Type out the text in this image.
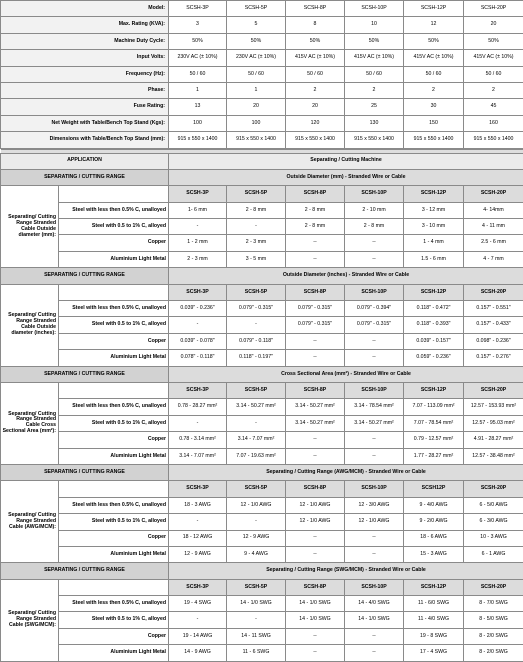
Model:	SCSH-3P	SCSH-5P	SCSH-8P	SCSH-10P	SCSH-12P	SCSH-20P
Max. Rating (KVA):	3	5	8	10	12	20
Machine Duty Cycle:	50%	50%	50%	50%	50%	50%
Input Volts:	230V AC (± 10%)	230V AC (± 10%)	415V AC (± 10%)	415V AC (± 10%)	415V AC (± 10%)	415V AC (± 10%)
Frequency (Hz):	50 / 60	50 / 60	50 / 60	50 / 60	50 / 60	50 / 60
Phase:	1	1	2	2	2	2
Fuse Rating:	13	20	20	25	30	45
Net Weight with Table/Bench Top Stand (Kgs):	100	100	120	130	150	160
Dimensions with Table/Bench Top Stand (mm):	915 x 550 x 1400	915 x 550 x 1400	915 x 550 x 1400	915 x 550 x 1400	915 x 550 x 1400	915 x 550 x 1400

APPLICATION		Separating / Cutting Machine					
SEPARATING / CUTTING RANGE		Outside Diameter (mm) - Stranded Wire or Cable					
Separating/ Cutting Range Stranded Cable Outside diameter (mm):		SCSH-3P	SCSH-5P	SCSH-8P	SCSH-10P	SCSH-12P	SCSH-20P
	Steel with less then 0.5% C, unalloyed	1- 6 mm	2 - 8 mm	2 - 8 mm	2 - 10 mm	3 - 12 mm	4- 14mm
	Steel with 0.5 to 1% C, alloyed	-	-	2 - 8 mm	2 - 8 mm	3 - 10 mm	4 - 11 mm
	Copper	1 - 2 mm	2 - 3 mm	--	--	1 - 4 mm	2.5 - 6 mm
	Aluminium Light Metal	2 - 3 mm	3 - 5 mm	--	--	1.5 - 6 mm	4 - 7 mm
SEPARATING / CUTTING RANGE		Outside Diameter (inches) - Stranded Wire or Cable					
Separating/ Cutting Range Stranded Cable Outside diameter (inches):		SCSH-3P	SCSH-5P	SCSH-8P	SCSH-10P	SCSH-12P	SCSH-20P
	Steel with less then 0.5% C, unalloyed	0.039" - 0.236"	0.079" - 0.315"	0.079" - 0.315"	0.079" - 0.394"	0.118" - 0.472"	0.157" - 0.551"
	Steel with 0.5 to 1% C, alloyed	-	-	0.079" - 0.315"	0.079" - 0.315"	0.118" - 0.393"	0.157" - 0.433"
	Copper	0.039" - 0.078"	0.079" - 0.118"	--	--	0.039" - 0.157"	0.098" - 0.236"
	Aluminium Light Metal	0.078" - 0.118"	0.118" - 0.197"	--	--	0.059" - 0.236"	0.157" - 0.276"
SEPARATING / CUTTING RANGE		Cross Sectional Area (mm²) - Stranded Wire or Cable					
Separating/ Cutting Range Stranded Cable Cross Sectional Area (mm²):		SCSH-3P	SCSH-5P	SCSH-8P	SCSH-10P	SCSH-12P	SCSH-20P
	Steel with less then 0.5% C, unalloyed	0.78 - 28.27 mm²	3.14 - 50.27 mm²	3.14 - 50.27 mm²	3.14 - 78.54 mm²	7.07 - 113.09 mm²	12.57 - 153.93 mm²
	Steel with 0.5 to 1% C, alloyed	-	-	3.14 - 50.27 mm²	3.14 - 50.27 mm²	7.07 - 78.54 mm²	12.57 - 95.03 mm²
	Copper	0.78 - 3.14 mm²	3.14 - 7.07 mm²	--	--	0.79 - 12.57 mm²	4.91 - 28.27 mm²
	Aluminium Light Metal	3.14 - 7.07 mm²	7.07 - 19.63 mm²	--	--	1.77 - 28.27 mm²	12.57 - 38.48 mm²
SEPARATING / CUTTING RANGE		Separating / Cutting Range (AWG/MCM) - Stranded Wire or Cable					
Separating/ Cutting Range Stranded Cable (AWG/MCM):		SCSH-3P	SCSH-5P	SCSH-8P	SCSH-10P	SCSH12P	SCSH-20P
	Steel with less then 0.5% C, unalloyed	18 - 3 AWG	12 - 1/0 AWG	12 - 1/0 AWG	12 - 3/0 AWG	9 - 4/0 AWG	6 - 5/0 AWG
	Steel with 0.5 to 1% C, alloyed	-	-	12 - 1/0 AWG	12 - 1/0 AWG	9 - 2/0 AWG	6 - 3/0 AWG
	Copper	18 - 12 AWG	12 - 9 AWG	--	--	18 - 6 AWG	10 - 3 AWG
	Aluminium Light Metal	12 - 9 AWG	9 - 4 AWG	--	--	15 - 3 AWG	6 - 1 AWG
SEPARATING / CUTTING RANGE		Separating / Cutting Range (SWG/MCM) - Stranded Wire or Cable					
Separating/ Cutting Range Stranded Cable (SWG/MCM):		SCSH-3P	SCSH-5P	SCSH-8P	SCSH-10P	SCSH-12P	SCSH-20P
	Steel with less then 0.5% C, unalloyed	19 - 4 SWG	14 - 1/0 SWG	14 - 1/0 SWG	14 - 4/0 SWG	11 - 6/0 SWG	8 - 7/0 SWG
	Steel with 0.5 to 1% C, alloyed	-	-	14 - 1/0 SWG	14 - 1/0 SWG	11 - 4/0 SWG	8 - 5/0 SWG
	Copper	19 - 14 AWG	14 - 11 SWG	--	--	19 - 8 SWG	8 - 2/0 SWG
	Aluminium Light Metal	14 - 9 AWG	11 - 6 SWG	--	--	17 - 4 SWG	8 - 2/0 SWG
